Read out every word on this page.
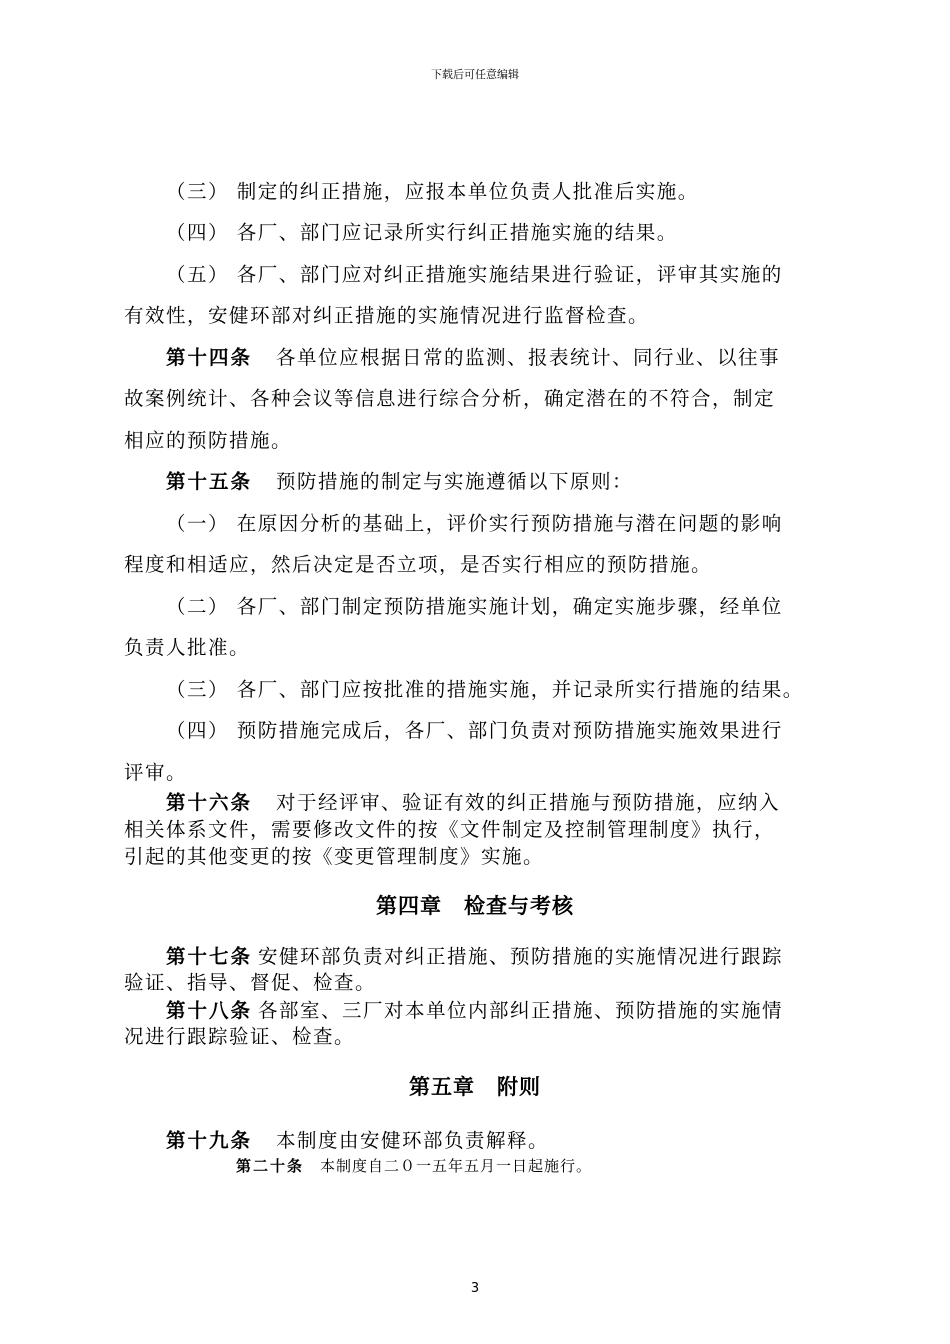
下载后可任意编辑
（三） 制定的纠正措施，应报本单位负责人批准后实施。
（四） 各厂、部门应记录所实行纠正措施实施的结果。
（五） 各厂、部门应对纠正措施实施结果进行验证，评审其实施的
有效性，安健环部对纠正措施的实施情况进行监督检查。
第十四条 各单位应根据日常的监测、报表统计、同行业、以往事
故案例统计、各种会议等信息进行综合分析，确定潜在的不符合，制定
相应的预防措施。
第十五条 预防措施的制定与实施遵循以下原则：
（一） 在原因分析的基础上，评价实行预防措施与潜在问题的影响
程度和相适应，然后决定是否立项，是否实行相应的预防措施。
（二） 各厂、部门制定预防措施实施计划，确定实施步骤，经单位
负责人批准。
（三） 各厂、部门应按批准的措施实施，并记录所实行措施的结果。
（四） 预防措施完成后，各厂、部门负责对预防措施实施效果进行
评审。
第十六条 对于经评审、验证有效的纠正措施与预防措施，应纳入
相关体系文件，需要修改文件的按《文件制定及控制管理制度》执行，
引起的其他变更的按《变更管理制度》实施。
第四章　检查与考核
第十七条 安健环部负责对纠正措施、预防措施的实施情况进行跟踪
验证、指导、督促、检查。
第十八条 各部室、三厂对本单位内部纠正措施、预防措施的实施情
况进行跟踪验证、检查。
第五章　附则
第十九条 本制度由安健环部负责解释。
第二十条 本制度自二０一五年五月一日起施行。
3
